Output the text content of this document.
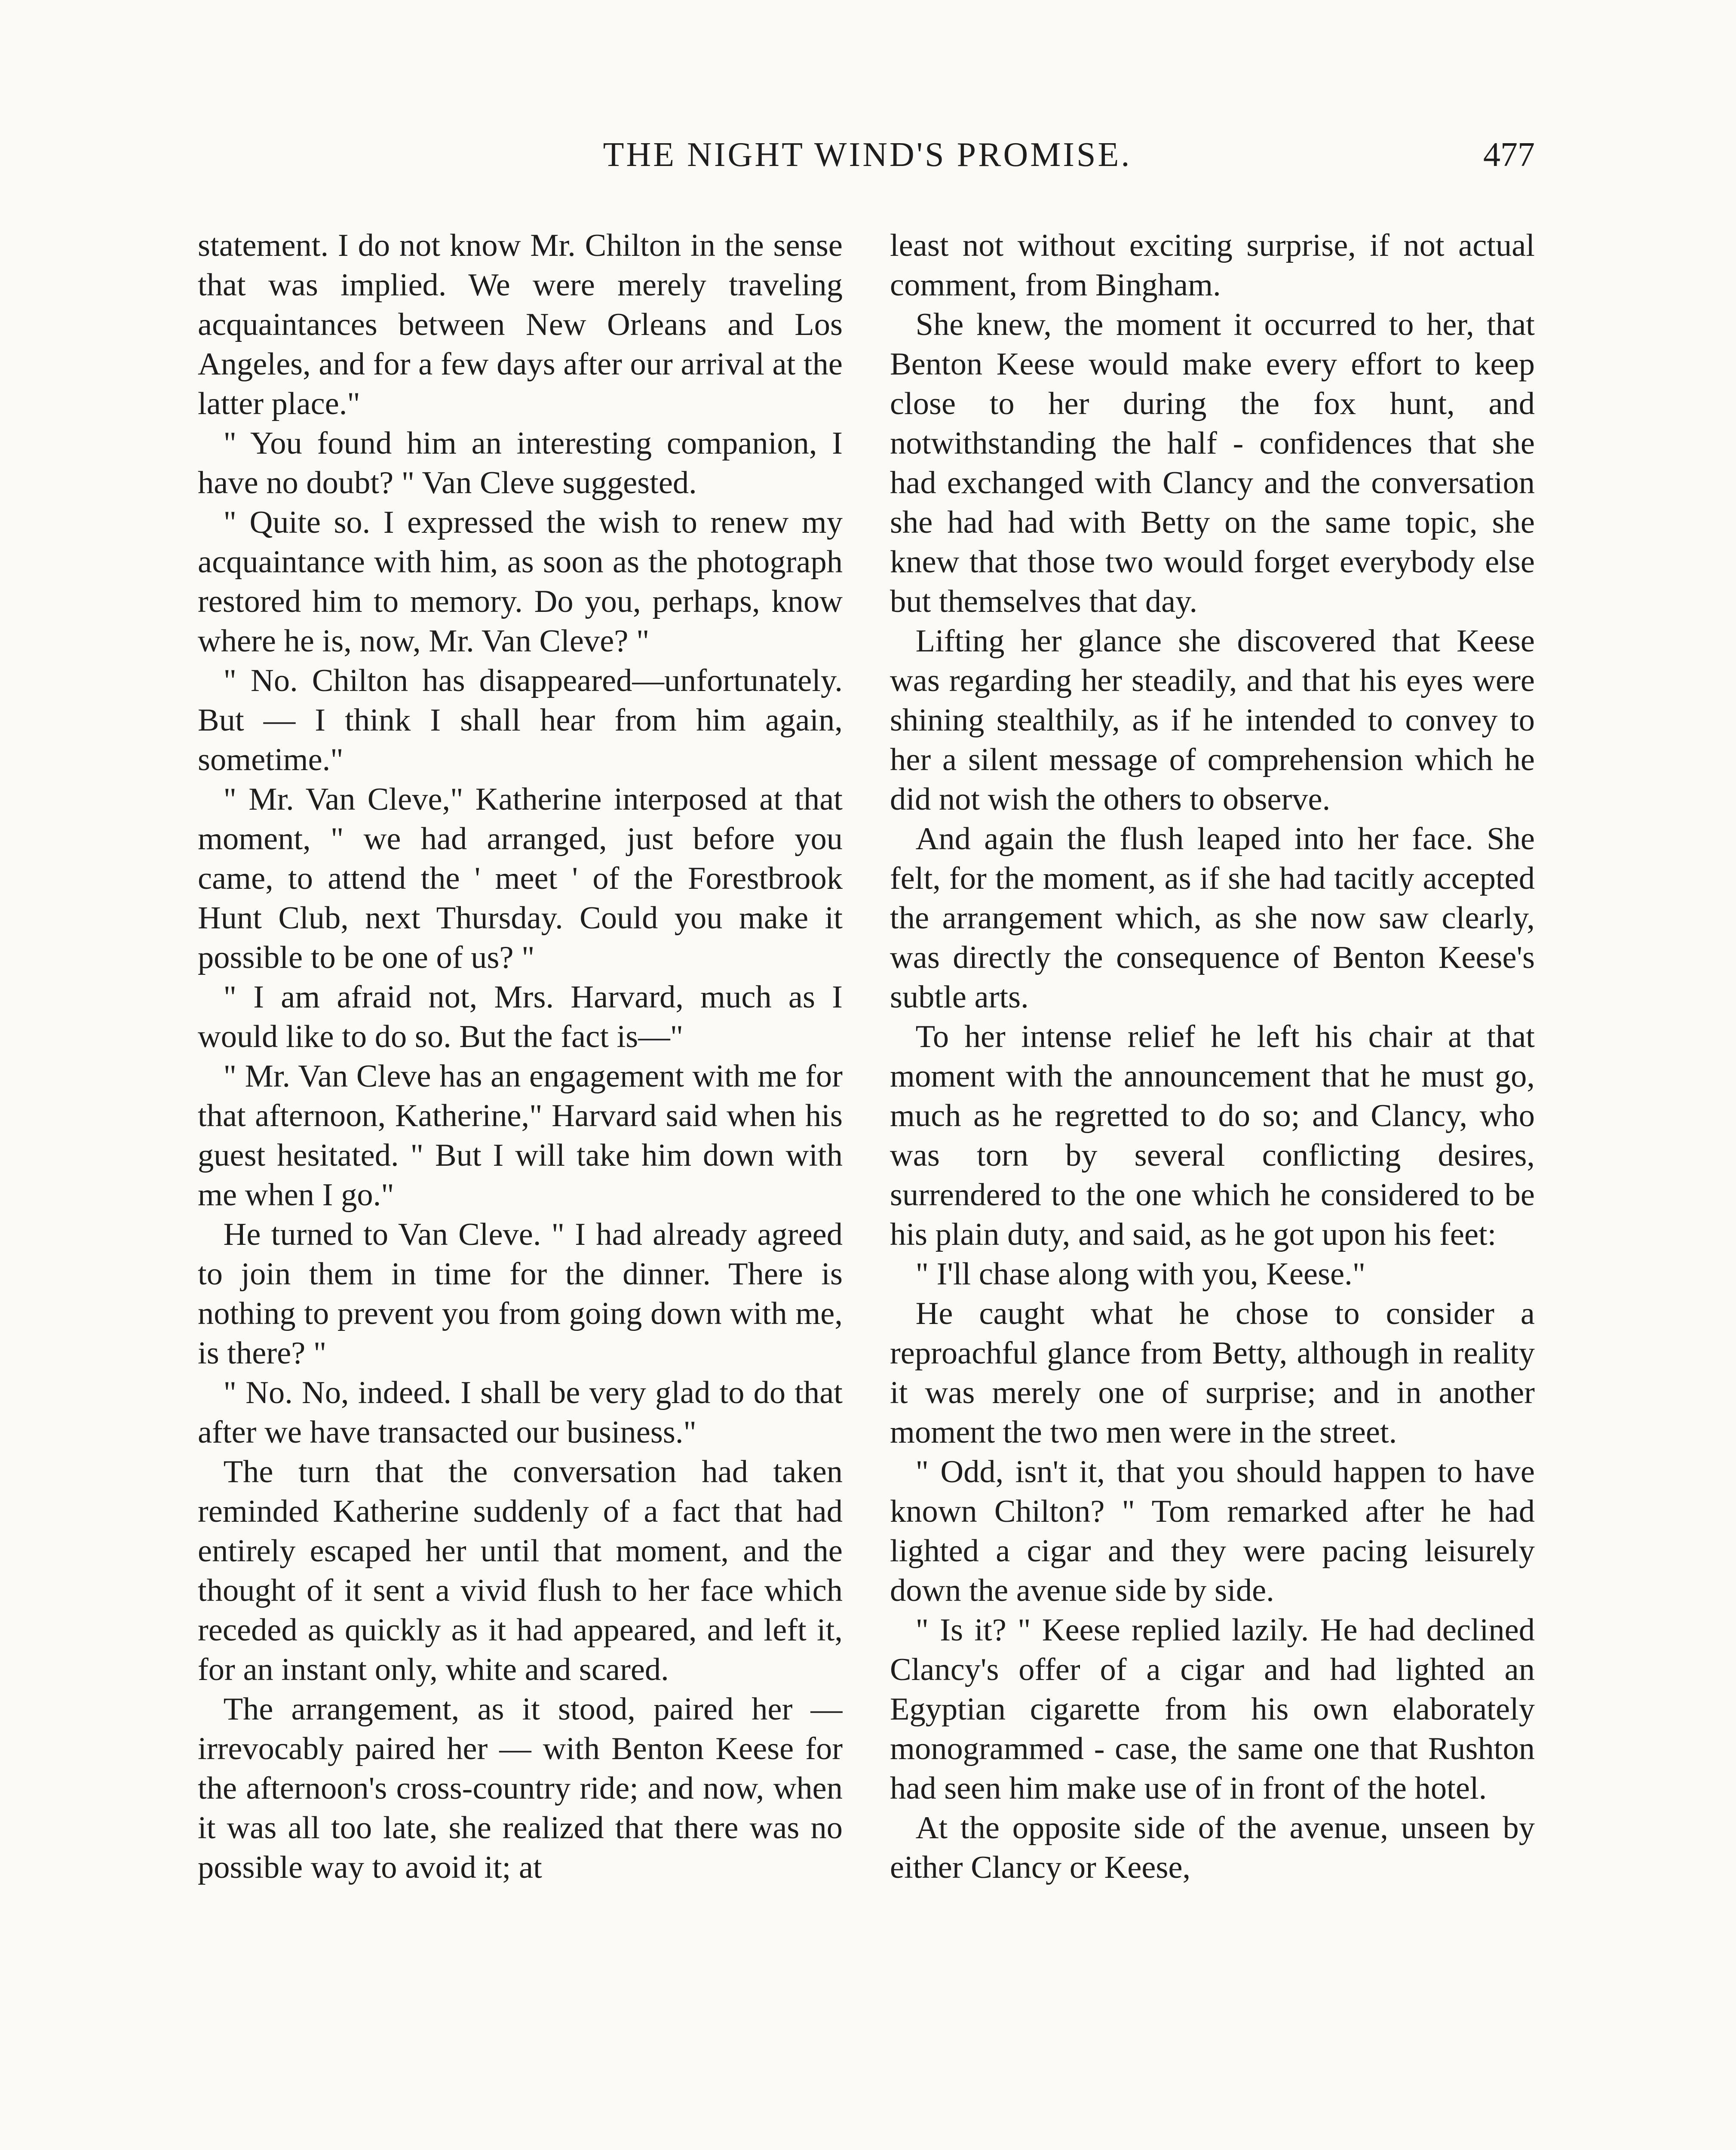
THE NIGHT WIND'S PROMISE.	477

statement. I do not know Mr. Chilton in the sense that was implied. We were merely traveling acquaintances between New Orleans and Los Angeles, and for a few days after our arrival at the latter place."

" You found him an interesting companion, I have no doubt? " Van Cleve suggested.

" Quite so. I expressed the wish to renew my acquaintance with him, as soon as the photograph restored him to memory. Do you, perhaps, know where he is, now, Mr. Van Cleve? "

" No. Chilton has disappeared—unfortunately. But — I think I shall hear from him again, sometime."

" Mr. Van Cleve," Katherine interposed at that moment, " we had arranged, just before you came, to attend the ' meet ' of the Forestbrook Hunt Club, next Thursday. Could you make it possible to be one of us? "

" I am afraid not, Mrs. Harvard, much as I would like to do so. But the fact is—"

" Mr. Van Cleve has an engagement with me for that afternoon, Katherine," Harvard said when his guest hesitated. " But I will take him down with me when I go."

He turned to Van Cleve. " I had already agreed to join them in time for the dinner. There is nothing to prevent you from going down with me, is there? "

" No. No, indeed. I shall be very glad to do that after we have transacted our business."

The turn that the conversation had taken reminded Katherine suddenly of a fact that had entirely escaped her until that moment, and the thought of it sent a vivid flush to her face which receded as quickly as it had appeared, and left it, for an instant only, white and scared.

The arrangement, as it stood, paired her — irrevocably paired her — with Benton Keese for the afternoon's cross-country ride; and now, when it was all too late, she realized that there was no possible way to avoid it; at

least not without exciting surprise, if not actual comment, from Bingham.

She knew, the moment it occurred to her, that Benton Keese would make every effort to keep close to her during the fox hunt, and notwithstanding the half - confidences that she had exchanged with Clancy and the conversation she had had with Betty on the same topic, she knew that those two would forget everybody else but themselves that day.

Lifting her glance she discovered that Keese was regarding her steadily, and that his eyes were shining stealthily, as if he intended to convey to her a silent message of comprehension which he did not wish the others to observe.

And again the flush leaped into her face. She felt, for the moment, as if she had tacitly accepted the arrangement which, as she now saw clearly, was directly the consequence of Benton Keese's subtle arts.

To her intense relief he left his chair at that moment with the announcement that he must go, much as he regretted to do so; and Clancy, who was torn by several conflicting desires, surrendered to the one which he considered to be his plain duty, and said, as he got upon his feet:

" I'll chase along with you, Keese."

He caught what he chose to consider a reproachful glance from Betty, although in reality it was merely one of surprise; and in another moment the two men were in the street.

" Odd, isn't it, that you should happen to have known Chilton? " Tom remarked after he had lighted a cigar and they were pacing leisurely down the avenue side by side.

" Is it? " Keese replied lazily. He had declined Clancy's offer of a cigar and had lighted an Egyptian cigarette from his own elaborately monogrammed - case, the same one that Rushton had seen him make use of in front of the hotel.

At the opposite side of the avenue, unseen by either Clancy or Keese,
